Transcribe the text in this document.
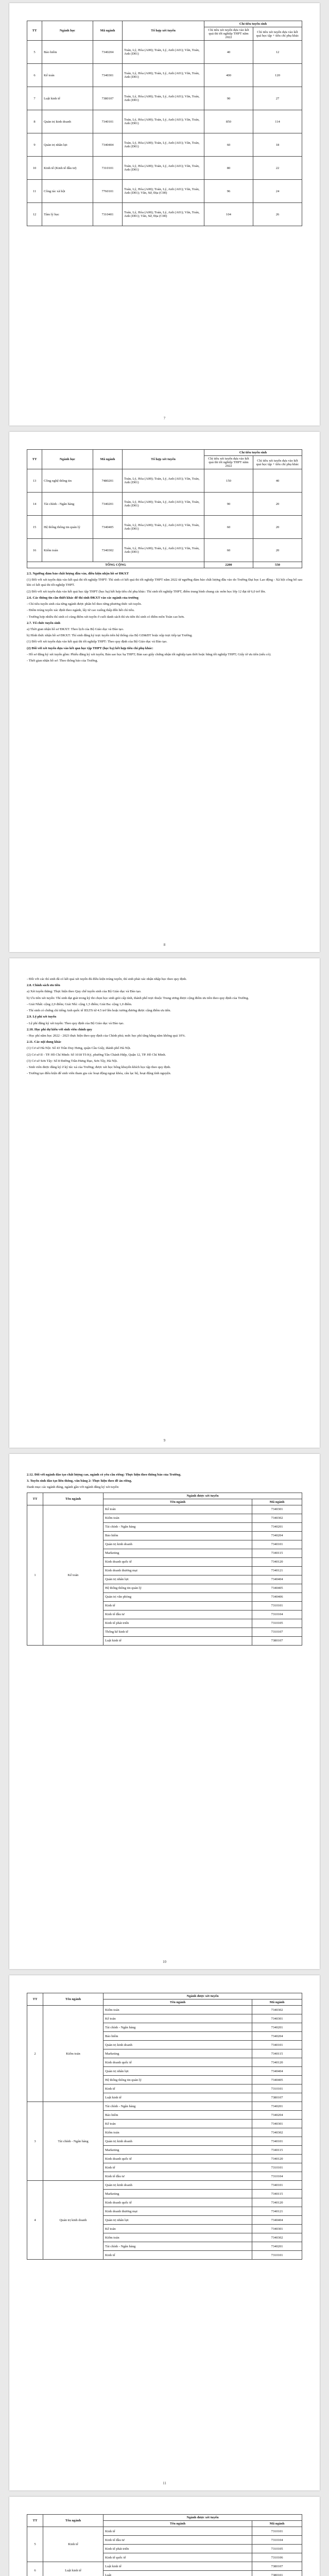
TT	Ngành học	Mã ngành	Tổ hợp xét tuyển	Chỉ tiêu tuyển sinh	
				Chỉ tiêu xét tuyển dựa vào kết quả thi tốt nghiệp THPT năm 2022	Chỉ tiêu xét tuyển dựa vào kết quả học tập + tiêu chí phụ khác
5	Bảo hiểm	7340204	Toán, Lý, Hóa (A00); Toán, Lý, Anh (A01); Văn, Toán, Anh (D01)	40	12
6	Kế toán	7340301	Toán, Lý, Hóa (A00); Toán, Lý, Anh (A01); Văn, Toán, Anh (D01)	400	120
7	Luật kinh tế	7380107	Toán, Lý, Hóa (A00); Toán, Lý, Anh (A01); Văn, Toán, Anh (D01)	90	27
8	Quản trị kinh doanh	7340101	Toán, Lý, Hóa (A00); Toán, Lý, Anh (A01); Văn, Toán, Anh (D01)	850	114
9	Quản trị nhân lực	7340404	Toán, Lý, Hóa (A00); Toán, Lý, Anh (A01); Văn, Toán, Anh (D01)	60	18
10	Kinh tế (Kinh tế đầu tư)	7310101	Toán, Lý, Hóa (A00); Toán, Lý, Anh (A01); Văn, Toán, Anh (D01)	80	22
11	Công tác xã hội	7760101	Toán, Lý, Hóa (A00); Toán, Lý, Anh (A01); Văn, Toán, Anh (D01); Văn, Sử, Địa (C00)	96	24
12	Tâm lý học	7310401	Toán, Lý, Hóa (A00); Toán, Lý, Anh (A01); Văn, Toán, Anh (D01); Văn, Sử, Địa (C00)	104	26
7
TT	Ngành học	Mã ngành	Tổ hợp xét tuyển	Chỉ tiêu tuyển sinh	
				Chỉ tiêu xét tuyển dựa vào kết quả thi tốt nghiệp THPT năm 2022	Chỉ tiêu xét tuyển dựa vào kết quả học tập + tiêu chí phụ khác
13	Công nghệ thông tin	7480201	Toán, Lý, Hóa (A00); Toán, Lý, Anh (A01); Văn, Toán, Anh (D01)	150	40
14	Tài chính - Ngân hàng	7340201	Toán, Lý, Hóa (A00); Toán, Lý, Anh (A01); Văn, Toán, Anh (D01)	90	20
15	Hệ thống thông tin quản lý	7340405	Toán, Lý, Hóa (A00); Toán, Lý, Anh (A01); Văn, Toán, Anh (D01)	60	20
16	Kiểm toán	7340302	Toán, Lý, Hóa (A00); Toán, Lý, Anh (A01); Văn, Toán, Anh (D01)	60	20
TỔNG CỘNG				2200	550

2.5. Ngưỡng đảm bảo chất lượng đầu vào, điều kiện nhận hồ sơ ĐKXT

(1) Đối với xét tuyển dựa vào kết quả thi tốt nghiệp THPT: Thí sinh có kết quả thi tốt nghiệp THPT năm 2022 từ ngưỡng đảm bảo chất lượng đầu vào do Trường Đại học Lao động - Xã hội công bố sau khi có kết quả thi tốt nghiệp THPT.

(2) Đối với xét tuyển dựa vào kết quả học tập THPT (học bạ) kết hợp tiêu chí phụ khác: Thí sinh tốt nghiệp THPT, điểm trung bình chung các môn học lớp 12 đạt từ 6,0 trở lên.

2.6. Các thông tin cần thiết khác để thí sinh ĐKXT vào các ngành của trường

- Chỉ tiêu tuyển sinh của từng ngành được phân bổ theo từng phương thức xét tuyển.

- Điểm trúng tuyển xác định theo ngành, lấy từ cao xuống thấp đến hết chỉ tiêu.

- Trường hợp nhiều thí sinh có cùng điểm xét tuyển ở cuối danh sách thì ưu tiên thí sinh có điểm môn Toán cao hơn.

2.7. Tổ chức tuyển sinh

a) Thời gian nhận hồ sơ ĐKXT: Theo lịch của Bộ Giáo dục và Đào tạo.

b) Hình thức nhận hồ sơ ĐKXT: Thí sinh đăng ký trực tuyến trên hệ thống của Bộ GD&ĐT hoặc nộp trực tiếp tại Trường.

(1) Đối với xét tuyển dựa vào kết quả thi tốt nghiệp THPT: Theo quy định của Bộ Giáo dục và Đào tạo.

(2) Đối với xét tuyển dựa vào kết quả học tập THPT (học bạ) kết hợp tiêu chí phụ khác:

- Hồ sơ đăng ký xét tuyển gồm: Phiếu đăng ký xét tuyển; Bản sao học bạ THPT; Bản sao giấy chứng nhận tốt nghiệp tạm thời hoặc bằng tốt nghiệp THPT; Giấy tờ ưu tiên (nếu có).

- Thời gian nhận hồ sơ: Theo thông báo của Trường.

8

- Đối với các thí sinh đã có kết quả xét tuyển đủ điều kiện trúng tuyển, thí sinh phải xác nhận nhập học theo quy định.

2.8. Chính sách ưu tiên

a) Xét tuyển thẳng: Thực hiện theo Quy chế tuyển sinh của Bộ Giáo dục và Đào tạo.

b) Ưu tiên xét tuyển: Thí sinh đạt giải trong kỳ thi chọn học sinh giỏi cấp tỉnh, thành phố trực thuộc Trung ương được cộng điểm ưu tiên theo quy định của Trường.

- Giải Nhất: cộng 2,0 điểm; Giải Nhì: cộng 1,5 điểm; Giải Ba: cộng 1,0 điểm.

- Thí sinh có chứng chỉ tiếng Anh quốc tế IELTS từ 4.5 trở lên hoặc tương đương được cộng điểm ưu tiên.

2.9. Lệ phí xét tuyển

- Lệ phí đăng ký xét tuyển: Theo quy định của Bộ Giáo dục và Đào tạo.

2.10. Học phí dự kiến với sinh viên chính quy

- Học phí năm học 2022 - 2023 thực hiện theo quy định của Chính phủ; mức học phí tăng hằng năm không quá 10%.

2.11. Các nội dung khác

(1) Cơ sở Hà Nội: Số 43 Trần Duy Hưng, quận Cầu Giấy, thành phố Hà Nội.

(2) Cơ sở II - TP. Hồ Chí Minh: Số 1018 Tô Ký, phường Tân Chánh Hiệp, Quận 12, TP. Hồ Chí Minh.

(3) Cơ sở Sơn Tây: Số 8 Đường Trần Hưng Đạo, Sơn Tây, Hà Nội.

- Sinh viên được đăng ký ở ký túc xá của Trường; được xét học bổng khuyến khích học tập theo quy định.

- Trường tạo điều kiện để sinh viên tham gia các hoạt động ngoại khóa, câu lạc bộ, hoạt động tình nguyện.

9

2.12. Đối với ngành đào tạo chất lượng cao, ngành có yêu cầu riêng: Thực hiện theo thông báo của Trường.

3. Tuyển sinh đào tạo liên thông, văn bằng 2: Thực hiện theo đề án riêng.

Danh mục các ngành đúng, ngành gần với ngành đăng ký xét tuyển:

TT	Tên ngành	Ngành được xét tuyển	
		Tên ngành	Mã ngành
1	Kế toán	Kế toán	7340301
		Kiểm toán	7340302
		Tài chính - Ngân hàng	7340201
		Bảo hiểm	7340204
		Quản trị kinh doanh	7340101
		Marketing	7340115
		Kinh doanh quốc tế	7340120
		Kinh doanh thương mại	7340121
		Quản trị nhân lực	7340404
		Hệ thống thông tin quản lý	7340405
		Quản trị văn phòng	7340406
		Kinh tế	7310101
		Kinh tế đầu tư	7310104
		Kinh tế phát triển	7310105
		Thống kê kinh tế	7310107
		Luật kinh tế	7380107
10
TT	Tên ngành	Ngành được xét tuyển	
		Tên ngành	Mã ngành
2	Kiểm toán	Kiểm toán	7340302
		Kế toán	7340301
		Tài chính - Ngân hàng	7340201
		Bảo hiểm	7340204
		Quản trị kinh doanh	7340101
		Marketing	7340115
		Kinh doanh quốc tế	7340120
		Quản trị nhân lực	7340404
		Hệ thống thông tin quản lý	7340405
		Kinh tế	7310101
		Luật kinh tế	7380107
3	Tài chính - Ngân hàng	Tài chính - Ngân hàng	7340201
		Bảo hiểm	7340204
		Kế toán	7340301
		Kiểm toán	7340302
		Quản trị kinh doanh	7340101
		Marketing	7340115
		Kinh doanh quốc tế	7340120
		Kinh tế	7310101
		Kinh tế đầu tư	7310104
4	Quản trị kinh doanh	Quản trị kinh doanh	7340101
		Marketing	7340115
		Kinh doanh quốc tế	7340120
		Kinh doanh thương mại	7340121
		Quản trị nhân lực	7340404
		Kế toán	7340301
		Kiểm toán	7340302
		Tài chính - Ngân hàng	7340201
		Kinh tế	7310101
11
TT	Tên ngành	Ngành được xét tuyển	
		Tên ngành	Mã ngành
5	Kinh tế	Kinh tế	7310101
		Kinh tế đầu tư	7310104
		Kinh tế phát triển	7310105
		Kinh tế quốc tế	7310106
6	Luật kinh tế	Luật kinh tế	7380107
		Luật	7380101
